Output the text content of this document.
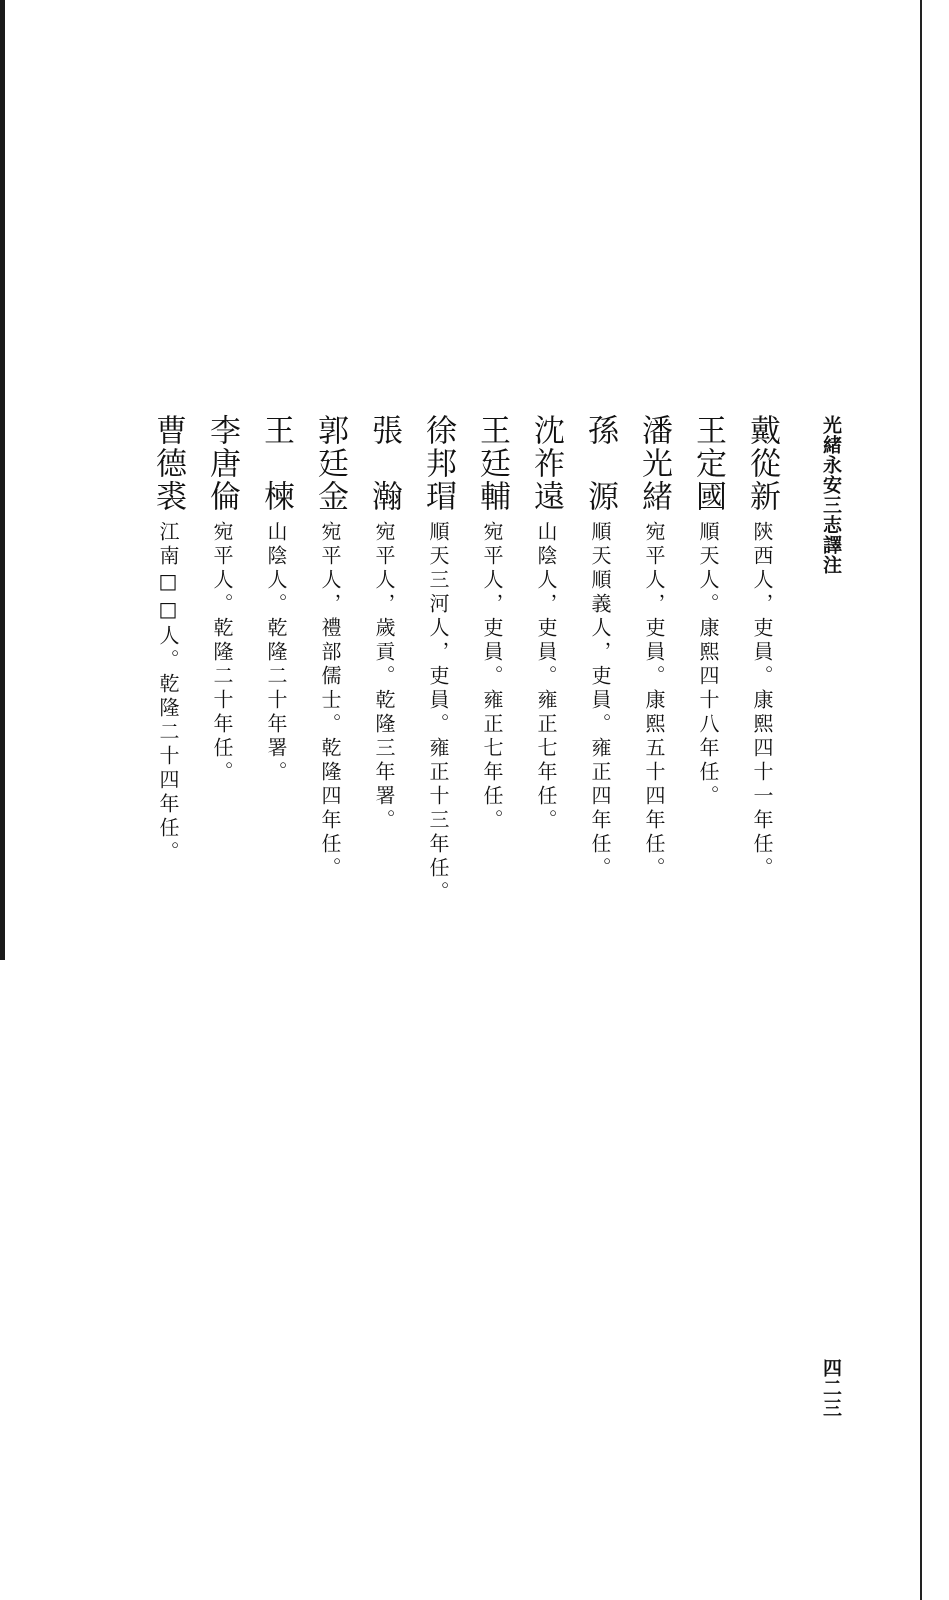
光緒永安三志譯注
戴從新陝西人，吏員。康熙四十一年任。
王定國順天人。康熙四十八年任。
潘光緒宛平人，吏員。康熙五十四年任。
孫　源順天順義人，吏員。雍正四年任。
沈祚遠山陰人，吏員。雍正七年任。
王廷輔宛平人，吏員。雍正七年任。
徐邦瑁順天三河人，吏員。雍正十三年任。
張　瀚宛平人，歲貢。乾隆三年署。
郭廷金宛平人，禮部儒士。乾隆四年任。
王　楝山陰人。乾隆二十年署。
李唐倫宛平人。乾隆二十年任。
曹德裘江南□□人。乾隆二十四年任。
四二三
